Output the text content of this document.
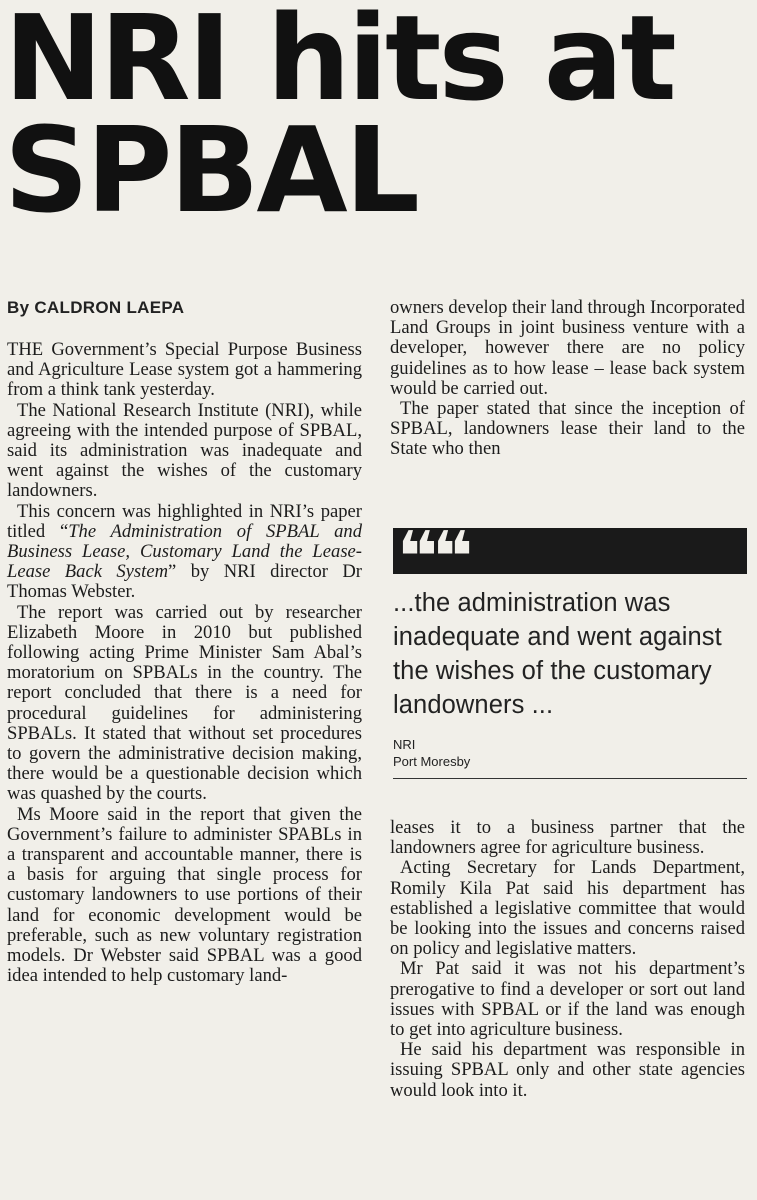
NRI hits at
SPBAL
By CALDRON LAEPA

THE Government’s Special Purpose Business and Agriculture Lease system got a hammering from a think tank yesterday.

The National Research Institute (NRI), while agreeing with the intended purpose of SPBAL, said its administration was inadequate and went against the wishes of the customary landowners.

This concern was highlighted in NRI’s paper titled “The Administration of SPBAL and Business Lease, Customary Land the Lease-Lease Back System” by NRI director Dr Thomas Webster.

The report was carried out by researcher Elizabeth Moore in 2010 but published following acting Prime Minister Sam Abal’s moratorium on SPBALs in the country. The report concluded that there is a need for procedural guidelines for administering SPBALs. It stated that without set procedures to govern the administrative decision making, there would be a questionable decision which was quashed by the courts.

Ms Moore said in the report that given the Government’s failure to administer SPABLs in a transparent and accountable manner, there is a basis for arguing that single process for customary landowners to use portions of their land for economic development would be preferable, such as new voluntary registration models. Dr Webster said SPBAL was a good idea intended to help customary land-

owners develop their land through Incorporated Land Groups in joint business venture with a developer, however there are no policy guidelines as to how lease – lease back system would be carried out.

The paper stated that since the inception of SPBAL, landowners lease their land to the State who then

❝❝
...the administration was inadequate and went against the wishes of the customary landowners ...
NRI
Port Moresby

leases it to a business partner that the landowners agree for agriculture business.

Acting Secretary for Lands Department, Romily Kila Pat said his department has established a legislative committee that would be looking into the issues and concerns raised on policy and legislative matters.

Mr Pat said it was not his department’s prerogative to find a developer or sort out land issues with SPBAL or if the land was enough to get into agriculture business.

He said his department was responsible in issuing SPBAL only and other state agencies would look into it.
